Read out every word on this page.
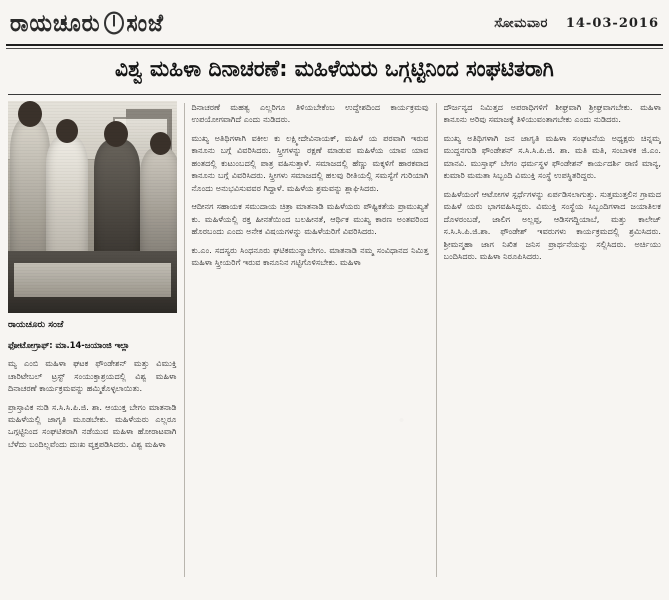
ರಾಯಚೂರು ಸಂಜೆ	ಸೋಮವಾರ 14-03-2016
ವಿಶ್ವ ಮಹಿಳಾ ದಿನಾಚರಣೆ: ಮಹಿಳೆಯರು ಒಗ್ಗಟ್ಟಿನಿಂದ ಸಂಘಟಿತರಾಗಿ

ರಾಯಚೂರು ಸಂಜೆ

ಫೋಟೋಗ್ರಾಫ್: ಮಾ.14-ಜಯಾಂಜಿ ಇಲ್ಲಾ

ಮ್ಯ ಎಂಬಿ ಮಹಿಳಾ ಘಟಕ ಫೌಂಡೇಶನ್ ಮತ್ತು ವಿಮುಕ್ತಿ ಚಾರಿಟೇಬಲ್ ಟ್ರಸ್ಟ್ ಸಂಯುಕ್ತಾಶ್ರಯದಲ್ಲಿ ವಿಶ್ವ ಮಹಿಳಾ ದಿನಾಚರಣೆ ಕಾರ್ಯಕ್ರಮವನ್ನು ಹಮ್ಮಿಕೊಳ್ಳಲಾಯಿತು.

ಪ್ರಾಸ್ತಾವಿಕ ನುಡಿ ಸ.ಸಿ.ಸಿ.ಪಿ.ಜಿ. ಶಾ. ಆಯುಕ್ತ ಬೇಗಂ ಮಾತನಾಡಿ ಮಹಿಳೆಯಲ್ಲಿ ಜಾಗೃತಿ ಮೂಡಬೇಕು. ಮಹಿಳೆಯರು ಎಲ್ಲರೂ ಒಗ್ಗಟ್ಟಿನಿಂದ ಸಂಘಟಿತರಾಗಿ ನಡೆಯುವ ಮಹಿಳಾ ಹೋರಾಟವಾಗಿ ಬೆಳೆದು ಬಂದಿಲ್ಲವೆಂದು ದುಃಖ ವ್ಯಕ್ತಪಡಿಸಿದರು. ವಿಶ್ವ ಮಹಿಳಾ

ದಿನಾಚರಣೆ ಮಹತ್ವ ಎಲ್ಲರಿಗೂ ತಿಳಿಯಬೇಕೆಂಬ ಉದ್ದೇಶದಿಂದ ಕಾರ್ಯಕ್ರಮವು ಉಪಯೋಗವಾಗಿದೆ ಎಂದು ನುಡಿದರು.

ಮುಖ್ಯ ಅತಿಥಿಗಳಾಗಿ ವಕೀಲ ಕು ಲಕ್ಷ್ಮೀದೇವಿನಾಯಕ್, ಮಹಿಳೆ ಯ ಪರವಾಗಿ ಇರುವ ಕಾನೂನು ಬಗ್ಗೆ ವಿವರಿಸಿದರು. ಸ್ತ್ರೀಗಳನ್ನು ರಕ್ಷಣೆ ಮಾಡುವ ಮಹಿಳೆಯ ಯಾವ ಯಾವ ಹಂತದಲ್ಲಿ ಕುಟುಂಬದಲ್ಲಿ ಪಾತ್ರ ವಹಿಸುತ್ತಾಳೆ. ಸಮಾಜದಲ್ಲಿ ಹೆಣ್ಣು ಮಕ್ಕಳಿಗೆ ಹಾರಕವಾದ ಕಾನೂನು ಬಗ್ಗೆ ವಿವರಿಸಿದರು. ಸ್ತ್ರೀಗಳು ಸಮಾಜದಲ್ಲಿ ಹಲವು ರೀತಿಯಲ್ಲಿ ಸಮಸ್ಯೆಗೆ ಗುರಿಯಾಗಿ ನೊಂದು ಅನುಭವಿಸುವವರ ಗಿದ್ದಾಳೆ. ಮಹಿಳೆಯ ಶ್ರಮವನ್ನು ಶ್ಲಾಘಿಸಿದರು.

ಆದೀನಗ ಸಹಾಯಕ ಸಮುದಾಯ ಚಿತ್ರಾ ಮಾತನಾಡಿ ಮಹಿಳೆಯರು ಪೌಷ್ಟಿಕತೆಯ ಪ್ರಾಮುಖ್ಯತೆ ಕು. ಮಹಿಳೆಯಲ್ಲಿ ರಕ್ತ ಹೀನತೆಯಿಂದ ಬಲಹೀನತೆ, ಆರ್ಥಿಕ ಮುಖ್ಯ ಕಾರಣ ಅಂತವರಿಂದ ಹೊರಬಂದು ಎಂದು ಅನೇಕ ವಿಷಯಗಳನ್ನು ಮಹಿಳೆಯರಿಗೆ ವಿವರಿಸಿದರು.

ಕು.ಎಂ. ಸದಸ್ಯರು ಸಿಂಧನೂರು ಘಟಿಕಮುನ್ನಾಬೇಗಂ. ಮಾತನಾಡಿ ನಮ್ಮ ಸಂವಿಧಾನದ ನಿಮಿತ್ತ ಮಹಿಳಾ ಸ್ತ್ರೀಯರಿಗೆ ಇರುವ ಕಾನೂನಿನ ಗಟ್ಟಿಗೊಳಿಸಬೇಕು. ಮಹಿಳಾ

ದೌರ್ಜನ್ಯದ ನಿಮಿತ್ತದ ಅಪರಾಧಿಗಳಿಗೆ ಶೀಘ್ರವಾಗಿ ಶ್ರೀಘ್ರವಾಗಬೇಕು. ಮಹಿಳಾ ಕಾನೂನು ಅರಿವು ಸಮಾಜಕ್ಕೆ ತಿಳಿಯುವಂತಾಗಬೇಕು ಎಂದು ನುಡಿದರು.

ಮುಖ್ಯ ಅತಿಥಿಗಳಾಗಿ ಜನ ಜಾಗೃತಿ ಮಹಿಳಾ ಸಂಘಟನೆಯ ಅಧ್ಯಕ್ಷರು ಚಿನ್ನಮ್ಮ ಮುದ್ದನಗುಡಿ ಫೌಂಡೇಶನ್ ಸ.ಸಿ.ಸಿ.ಪಿ.ಜಿ. ಶಾ. ಮತಿ ಮತಿ, ಸಂಬಾಳಕ ಜಿ.ಎಂ. ಮಾನವಿ. ಮುಸ್ತಾಫ್ ಬೇಗಂ ಧರ್ಮಸ್ಥಳ ಫೌಂಡೇಶನ್ ಕಾರ್ಯದರ್ಶಿ ರಾಣಿ ಮಾನ್ಯ, ಕುಮಾರಿ ಮಮತಾ ಸಿಬ್ಬಂದಿ ವಿಮುಕ್ತಿ ಸಂಸ್ಥೆ ಉಪಸ್ಥಿತರಿದ್ದರು.

ಮಹಿಳೆಯಂಗೆ ಆಟೋಗಳ ಸ್ಪರ್ಧೆಗಳನ್ನು ಏರ್ಪಡಿಸಲಾಗುತ್ತು. ಸುತ್ತಮುತ್ತಲಿನ ಗ್ರಾಮದ ಮಹಿಳೆ ಯರು ಭಾಗವಹಿಸಿದ್ದರು. ವಿಮುಕ್ತಿ ಸಂಸ್ಥೆಯ ಸಿಬ್ಬಂದಿಗಳಾದ ಜಯಾತಿಲಕ ದೊಳರಂಬಡೆ, ಜಾಲಿಗ ಅಲ್ಲಪ್ಪ, ಆಡಿಸಗದ್ದಿಯಾಬೆ, ಮತ್ತು ಕಾಲೇಜ್ ಸ.ಸಿ.ಸಿ.ಪಿ.ಜಿ.ಶಾ. ಫೌಂಡೇಶ್ ಇವರುಗಳು ಕಾರ್ಯಕ್ರಮದಲ್ಲಿ ಶ್ರಮಿಸಿದರು. ಶ್ರೀಮನ್ಮಹಾ ಜಾಗ ನಿಖಿತ ಜನಿಸ ಪ್ರಾರ್ಥನೆಯನ್ನು ಸಲ್ಲಿಸಿದರು. ಅರ್ಚಿಯು ಬಂದಿಸಿದರು. ಮಹಿಳಾ ನಿರೂಪಿಸಿದರು.
